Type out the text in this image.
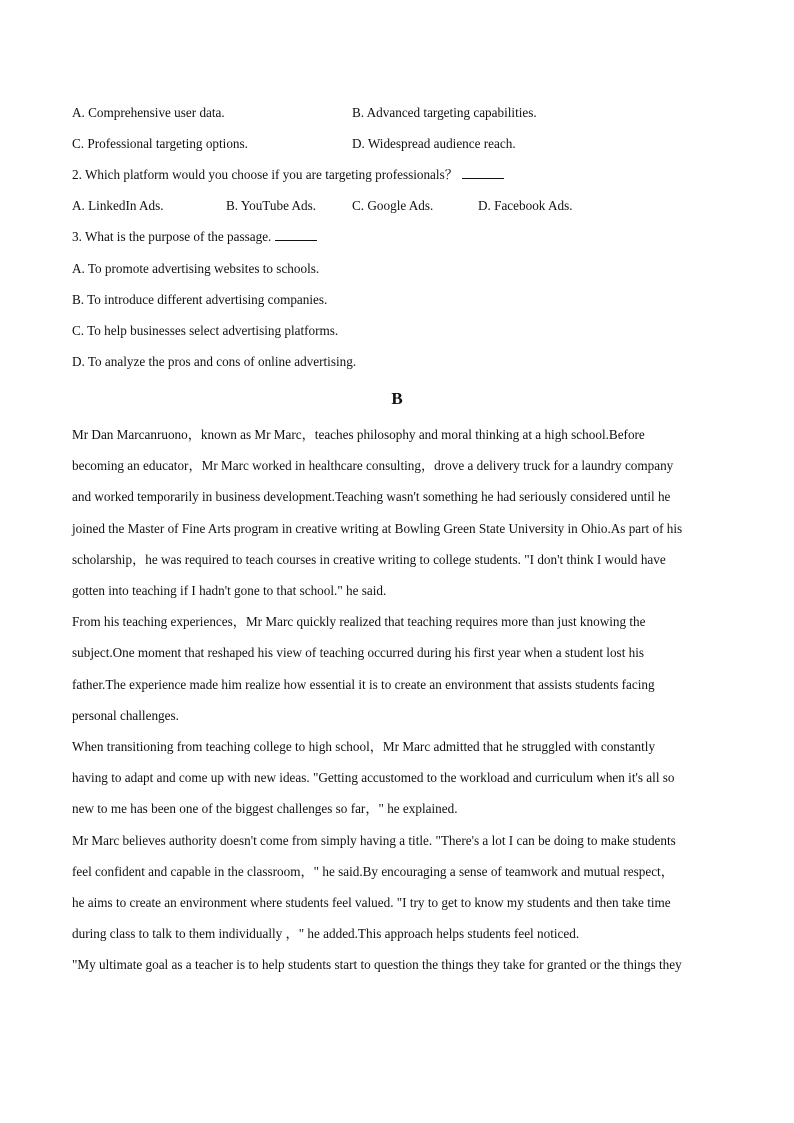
A. Comprehensive user data.	B. Advanced targeting capabilities.
C. Professional targeting options.	D. Widespread audience reach.
2. Which platform would you choose if you are targeting professionals？
A. LinkedIn Ads.	B. YouTube Ads.	C. Google Ads.	D. Facebook Ads.
3. What is the purpose of the passage.
A. To promote advertising websites to schools.
B. To introduce different advertising companies.
C. To help businesses select advertising platforms.
D. To analyze the pros and cons of online advertising.
B
Mr Dan Marcanruono，known as Mr Marc，teaches philosophy and moral thinking at a high school.Before
becoming an educator，Mr Marc worked in healthcare consulting，drove a delivery truck for a laundry company
and worked temporarily in business development.Teaching wasn't something he had seriously considered until he
joined the Master of Fine Arts program in creative writing at Bowling Green State University in Ohio.As part of his
scholarship，he was required to teach courses in creative writing to college students. "I don't think I would have
gotten into teaching if I hadn't gone to that school." he said.
From his teaching experiences，Mr Marc quickly realized that teaching requires more than just knowing the
subject.One moment that reshaped his view of teaching occurred during his first year when a student lost his
father.The experience made him realize how essential it is to create an environment that assists students facing
personal challenges.
When transitioning from teaching college to high school，Mr Marc admitted that he struggled with constantly
having to adapt and come up with new ideas. "Getting accustomed to the workload and curriculum when it's all so
new to me has been one of the biggest challenges so far，" he explained.
Mr Marc believes authority doesn't come from simply having a title. "There's a lot I can be doing to make students
feel confident and capable in the classroom，" he said.By encouraging a sense of teamwork and mutual respect，
he aims to create an environment where students feel valued. "I try to get to know my students and then take time
during class to talk to them individually ，" he added.This approach helps students feel noticed.
"My ultimate goal as a teacher is to help students start to question the things they take for granted or the things they
